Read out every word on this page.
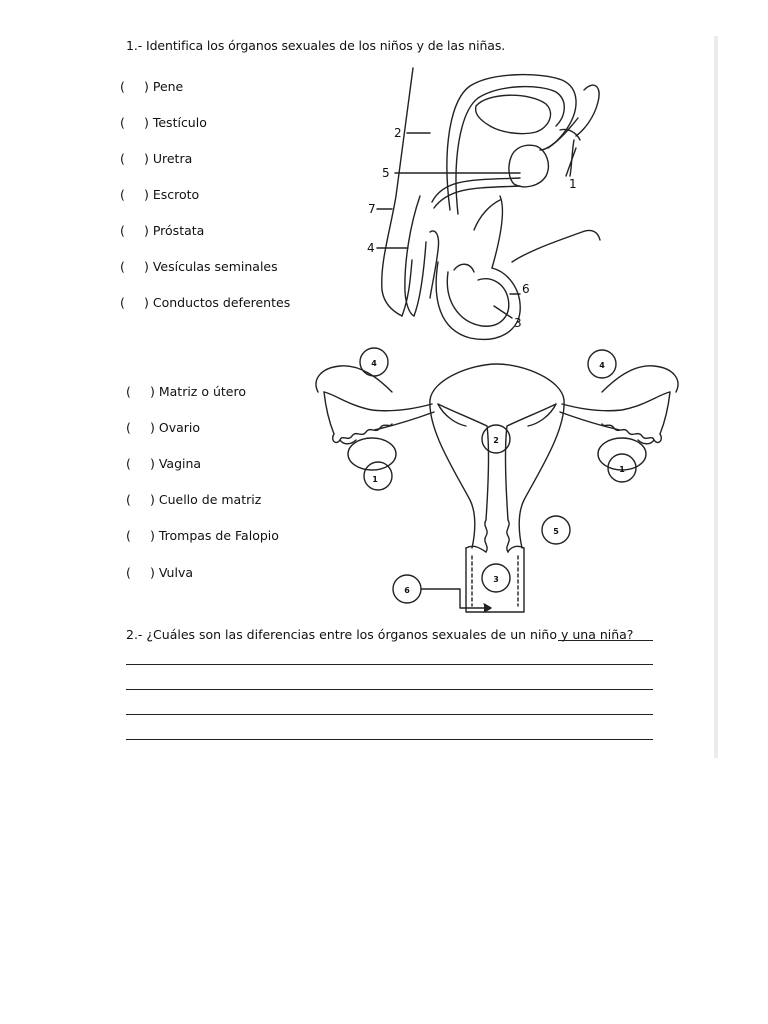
1.- Identifica los órganos sexuales de los niños y de las niñas.
( ) Pene
( ) Testículo
( ) Uretra
( ) Escroto
( ) Próstata
( ) Vesículas seminales
( ) Conductos deferentes
( ) Matriz o útero
( ) Ovario
( ) Vagina
( ) Cuello de matriz
( ) Trompas de Falopio
( ) Vulva
1
2
3
4
5
6
7
1
1
2
3
4	4
5
6
2.- ¿Cuáles son las diferencias entre los órganos sexuales de un niño y una niña?
